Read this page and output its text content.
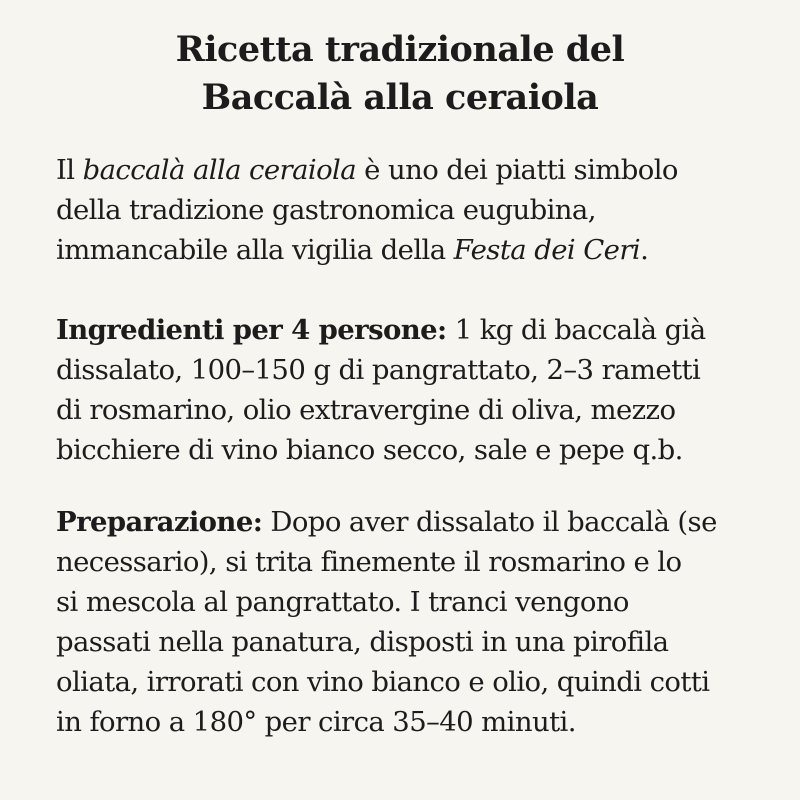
Ricetta tradizionale del
Baccalà alla ceraiola

Il baccalà alla ceraiola è uno dei piatti simbolo
della tradizione gastronomica eugubina,
immancabile alla vigilia della Festa dei Ceri.

Ingredienti per 4 persone: 1 kg di baccalà già
dissalato, 100–150 g di pangrattato, 2–3 rametti
di rosmarino, olio extravergine di oliva, mezzo
bicchiere di vino bianco secco, sale e pepe q.b.

Preparazione: Dopo aver dissalato il baccalà (se
necessario), si trita finemente il rosmarino e lo
si mescola al pangrattato. I tranci vengono
passati nella panatura, disposti in una pirofila
oliata, irrorati con vino bianco e olio, quindi cotti
in forno a 180° per circa 35–40 minuti.
